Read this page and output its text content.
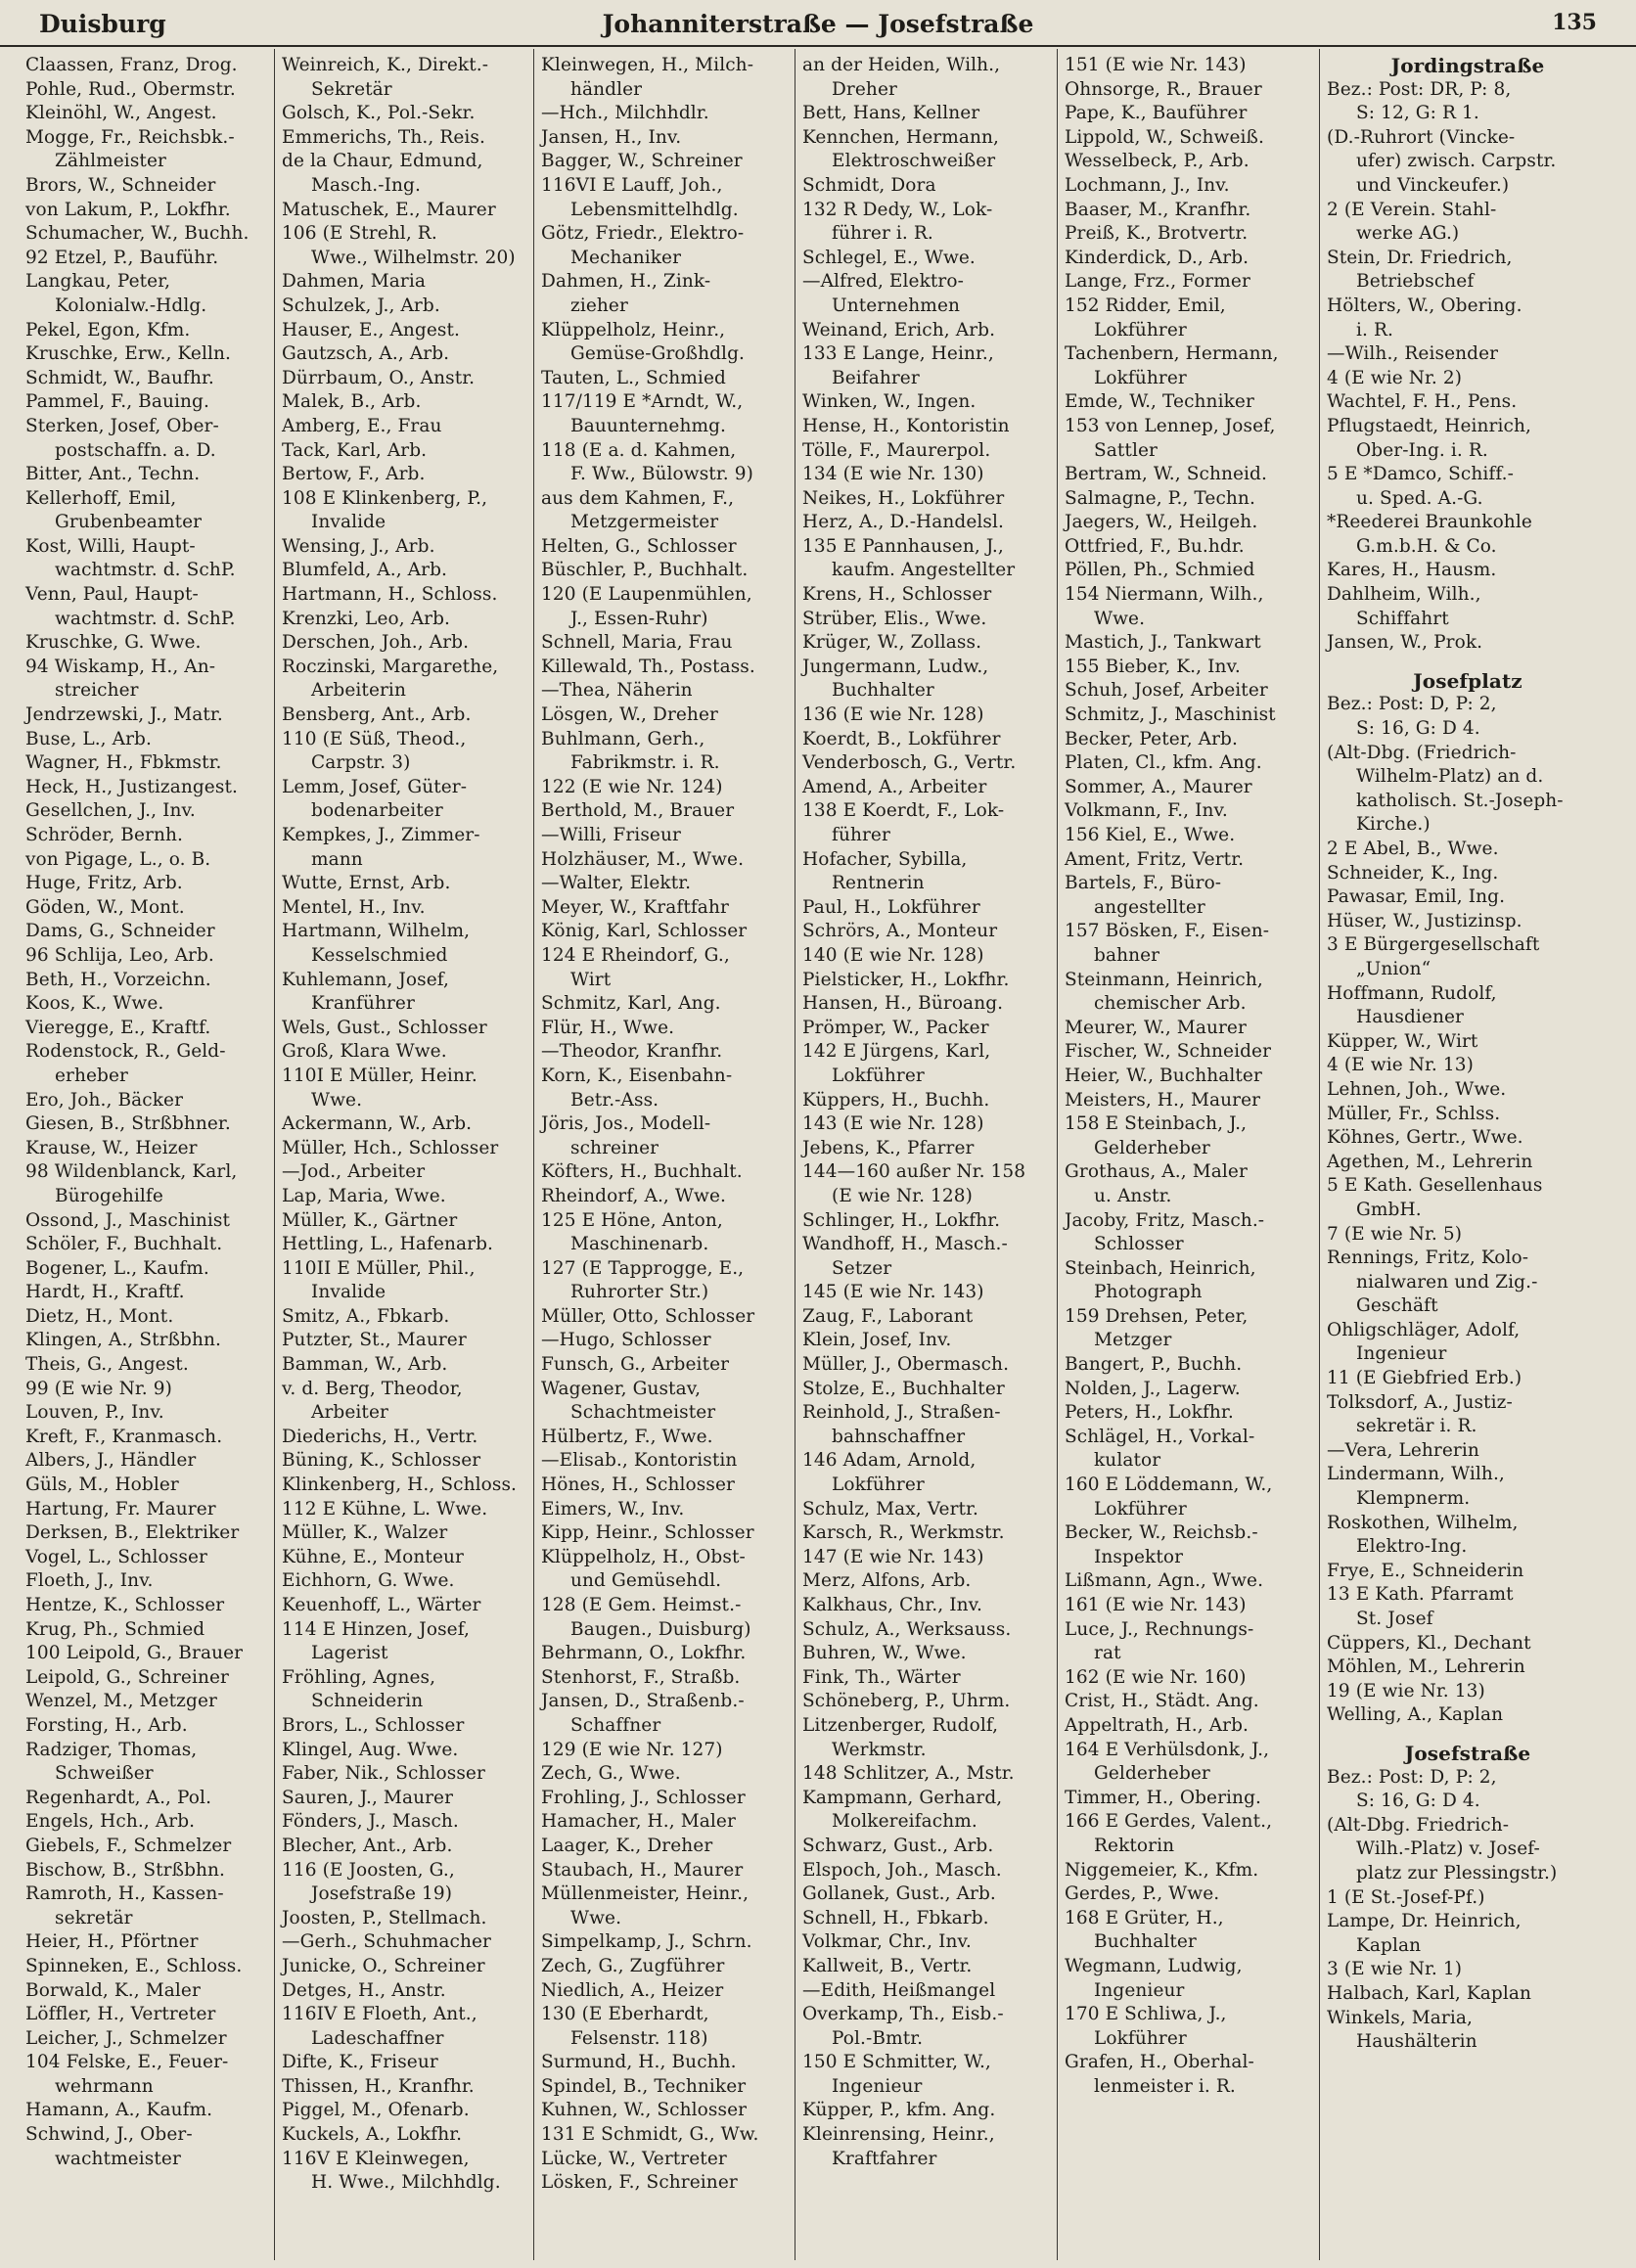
Johanniterstraße — Josefstraße
Duisburg	135
Claassen, Franz, Drog.
Pohle, Rud., Obermstr.
Kleinöhl, W., Angest.
Mogge, Fr., Reichsbk.-
Zählmeister
Brors, W., Schneider
von Lakum, P., Lokfhr.
Schumacher, W., Buchh.
92 Etzel, P., Bauführ.
Langkau, Peter,
Kolonialw.-Hdlg.
Pekel, Egon, Kfm.
Kruschke, Erw., Kelln.
Schmidt, W., Baufhr.
Pammel, F., Bauing.
Sterken, Josef, Ober-
postschaffn. a. D.
Bitter, Ant., Techn.
Kellerhoff, Emil,
Grubenbeamter
Kost, Willi, Haupt-
wachtmstr. d. SchP.
Venn, Paul, Haupt-
wachtmstr. d. SchP.
Kruschke, G. Wwe.
94 Wiskamp, H., An-
streicher
Jendrzewski, J., Matr.
Buse, L., Arb.
Wagner, H., Fbkmstr.
Heck, H., Justizangest.
Gesellchen, J., Inv.
Schröder, Bernh.
von Pigage, L., o. B.
Huge, Fritz, Arb.
Göden, W., Mont.
Dams, G., Schneider
96 Schlija, Leo, Arb.
Beth, H., Vorzeichn.
Koos, K., Wwe.
Vieregge, E., Kraftf.
Rodenstock, R., Geld-
erheber
Ero, Joh., Bäcker
Giesen, B., Strßbhner.
Krause, W., Heizer
98 Wildenblanck, Karl,
Bürogehilfe
Ossond, J., Maschinist
Schöler, F., Buchhalt.
Bogener, L., Kaufm.
Hardt, H., Kraftf.
Dietz, H., Mont.
Klingen, A., Strßbhn.
Theis, G., Angest.
99 (E wie Nr. 9)
Louven, P., Inv.
Kreft, F., Kranmasch.
Albers, J., Händler
Güls, M., Hobler
Hartung, Fr. Maurer
Derksen, B., Elektriker
Vogel, L., Schlosser
Floeth, J., Inv.
Hentze, K., Schlosser
Krug, Ph., Schmied
100 Leipold, G., Brauer
Leipold, G., Schreiner
Wenzel, M., Metzger
Forsting, H., Arb.
Radziger, Thomas,
Schweißer
Regenhardt, A., Pol.
Engels, Hch., Arb.
Giebels, F., Schmelzer
Bischow, B., Strßbhn.
Ramroth, H., Kassen-
sekretär
Heier, H., Pförtner
Spinneken, E., Schloss.
Borwald, K., Maler
Löffler, H., Vertreter
Leicher, J., Schmelzer
104 Felske, E., Feuer-
wehrmann
Hamann, A., Kaufm.
Schwind, J., Ober-
wachtmeister
Weinreich, K., Direkt.-
Sekretär
Golsch, K., Pol.-Sekr.
Emmerichs, Th., Reis.
de la Chaur, Edmund,
Masch.-Ing.
Matuschek, E., Maurer
106 (E Strehl, R.
Wwe., Wilhelmstr. 20)
Dahmen, Maria
Schulzek, J., Arb.
Hauser, E., Angest.
Gautzsch, A., Arb.
Dürrbaum, O., Anstr.
Malek, B., Arb.
Amberg, E., Frau
Tack, Karl, Arb.
Bertow, F., Arb.
108 E Klinkenberg, P.,
Invalide
Wensing, J., Arb.
Blumfeld, A., Arb.
Hartmann, H., Schloss.
Krenzki, Leo, Arb.
Derschen, Joh., Arb.
Roczinski, Margarethe,
Arbeiterin
Bensberg, Ant., Arb.
110 (E Süß, Theod.,
Carpstr. 3)
Lemm, Josef, Güter-
bodenarbeiter
Kempkes, J., Zimmer-
mann
Wutte, Ernst, Arb.
Mentel, H., Inv.
Hartmann, Wilhelm,
Kesselschmied
Kuhlemann, Josef,
Kranführer
Wels, Gust., Schlosser
Groß, Klara Wwe.
110I E Müller, Heinr.
Wwe.
Ackermann, W., Arb.
Müller, Hch., Schlosser
—Jod., Arbeiter
Lap, Maria, Wwe.
Müller, K., Gärtner
Hettling, L., Hafenarb.
110II E Müller, Phil.,
Invalide
Smitz, A., Fbkarb.
Putzter, St., Maurer
Bamman, W., Arb.
v. d. Berg, Theodor,
Arbeiter
Diederichs, H., Vertr.
Büning, K., Schlosser
Klinkenberg, H., Schloss.
112 E Kühne, L. Wwe.
Müller, K., Walzer
Kühne, E., Monteur
Eichhorn, G. Wwe.
Keuenhoff, L., Wärter
114 E Hinzen, Josef,
Lagerist
Fröhling, Agnes,
Schneiderin
Brors, L., Schlosser
Klingel, Aug. Wwe.
Faber, Nik., Schlosser
Sauren, J., Maurer
Fönders, J., Masch.
Blecher, Ant., Arb.
116 (E Joosten, G.,
Josefstraße 19)
Joosten, P., Stellmach.
—Gerh., Schuhmacher
Junicke, O., Schreiner
Detges, H., Anstr.
116IV E Floeth, Ant.,
Ladeschaffner
Difte, K., Friseur
Thissen, H., Kranfhr.
Piggel, M., Ofenarb.
Kuckels, A., Lokfhr.
116V E Kleinwegen,
H. Wwe., Milchhdlg.
Kleinwegen, H., Milch-
händler
—Hch., Milchhdlr.
Jansen, H., Inv.
Bagger, W., Schreiner
116VI E Lauff, Joh.,
Lebensmittelhdlg.
Götz, Friedr., Elektro-
Mechaniker
Dahmen, H., Zink-
zieher
Klüppelholz, Heinr.,
Gemüse-Großhdlg.
Tauten, L., Schmied
117/119 E *Arndt, W.,
Bauunternehmg.
118 (E a. d. Kahmen,
F. Ww., Bülowstr. 9)
aus dem Kahmen, F.,
Metzgermeister
Helten, G., Schlosser
Büschler, P., Buchhalt.
120 (E Laupenmühlen,
J., Essen-Ruhr)
Schnell, Maria, Frau
Killewald, Th., Postass.
—Thea, Näherin
Lösgen, W., Dreher
Buhlmann, Gerh.,
Fabrikmstr. i. R.
122 (E wie Nr. 124)
Berthold, M., Brauer
—Willi, Friseur
Holzhäuser, M., Wwe.
—Walter, Elektr.
Meyer, W., Kraftfahr
König, Karl, Schlosser
124 E Rheindorf, G.,
Wirt
Schmitz, Karl, Ang.
Flür, H., Wwe.
—Theodor, Kranfhr.
Korn, K., Eisenbahn-
Betr.-Ass.
Jöris, Jos., Modell-
schreiner
Köfters, H., Buchhalt.
Rheindorf, A., Wwe.
125 E Höne, Anton,
Maschinenarb.
127 (E Tapprogge, E.,
Ruhrorter Str.)
Müller, Otto, Schlosser
—Hugo, Schlosser
Funsch, G., Arbeiter
Wagener, Gustav,
Schachtmeister
Hülbertz, F., Wwe.
—Elisab., Kontoristin
Hönes, H., Schlosser
Eimers, W., Inv.
Kipp, Heinr., Schlosser
Klüppelholz, H., Obst-
und Gemüsehdl.
128 (E Gem. Heimst.-
Baugen., Duisburg)
Behrmann, O., Lokfhr.
Stenhorst, F., Straßb.
Jansen, D., Straßenb.-
Schaffner
129 (E wie Nr. 127)
Zech, G., Wwe.
Frohling, J., Schlosser
Hamacher, H., Maler
Laager, K., Dreher
Staubach, H., Maurer
Müllenmeister, Heinr.,
Wwe.
Simpelkamp, J., Schrn.
Zech, G., Zugführer
Niedlich, A., Heizer
130 (E Eberhardt,
Felsenstr. 118)
Surmund, H., Buchh.
Spindel, B., Techniker
Kuhnen, W., Schlosser
131 E Schmidt, G., Ww.
Lücke, W., Vertreter
Lösken, F., Schreiner
an der Heiden, Wilh.,
Dreher
Bett, Hans, Kellner
Kennchen, Hermann,
Elektroschweißer
Schmidt, Dora
132 R Dedy, W., Lok-
führer i. R.
Schlegel, E., Wwe.
—Alfred, Elektro-
Unternehmen
Weinand, Erich, Arb.
133 E Lange, Heinr.,
Beifahrer
Winken, W., Ingen.
Hense, H., Kontoristin
Tölle, F., Maurerpol.
134 (E wie Nr. 130)
Neikes, H., Lokführer
Herz, A., D.-Handelsl.
135 E Pannhausen, J.,
kaufm. Angestellter
Krens, H., Schlosser
Strüber, Elis., Wwe.
Krüger, W., Zollass.
Jungermann, Ludw.,
Buchhalter
136 (E wie Nr. 128)
Koerdt, B., Lokführer
Venderbosch, G., Vertr.
Amend, A., Arbeiter
138 E Koerdt, F., Lok-
führer
Hofacher, Sybilla,
Rentnerin
Paul, H., Lokführer
Schrörs, A., Monteur
140 (E wie Nr. 128)
Pielsticker, H., Lokfhr.
Hansen, H., Büroang.
Prömper, W., Packer
142 E Jürgens, Karl,
Lokführer
Küppers, H., Buchh.
143 (E wie Nr. 128)
Jebens, K., Pfarrer
144—160 außer Nr. 158
(E wie Nr. 128)
Schlinger, H., Lokfhr.
Wandhoff, H., Masch.-
Setzer
145 (E wie Nr. 143)
Zaug, F., Laborant
Klein, Josef, Inv.
Müller, J., Obermasch.
Stolze, E., Buchhalter
Reinhold, J., Straßen-
bahnschaffner
146 Adam, Arnold,
Lokführer
Schulz, Max, Vertr.
Karsch, R., Werkmstr.
147 (E wie Nr. 143)
Merz, Alfons, Arb.
Kalkhaus, Chr., Inv.
Schulz, A., Werksauss.
Buhren, W., Wwe.
Fink, Th., Wärter
Schöneberg, P., Uhrm.
Litzenberger, Rudolf,
Werkmstr.
148 Schlitzer, A., Mstr.
Kampmann, Gerhard,
Molkereifachm.
Schwarz, Gust., Arb.
Elspoch, Joh., Masch.
Gollanek, Gust., Arb.
Schnell, H., Fbkarb.
Volkmar, Chr., Inv.
Kallweit, B., Vertr.
—Edith, Heißmangel
Overkamp, Th., Eisb.-
Pol.-Bmtr.
150 E Schmitter, W.,
Ingenieur
Küpper, P., kfm. Ang.
Kleinrensing, Heinr.,
Kraftfahrer
151 (E wie Nr. 143)
Ohnsorge, R., Brauer
Pape, K., Bauführer
Lippold, W., Schweiß.
Wesselbeck, P., Arb.
Lochmann, J., Inv.
Baaser, M., Kranfhr.
Preiß, K., Brotvertr.
Kinderdick, D., Arb.
Lange, Frz., Former
152 Ridder, Emil,
Lokführer
Tachenbern, Hermann,
Lokführer
Emde, W., Techniker
153 von Lennep, Josef,
Sattler
Bertram, W., Schneid.
Salmagne, P., Techn.
Jaegers, W., Heilgeh.
Ottfried, F., Bu.hdr.
Pöllen, Ph., Schmied
154 Niermann, Wilh.,
Wwe.
Mastich, J., Tankwart
155 Bieber, K., Inv.
Schuh, Josef, Arbeiter
Schmitz, J., Maschinist
Becker, Peter, Arb.
Platen, Cl., kfm. Ang.
Sommer, A., Maurer
Volkmann, F., Inv.
156 Kiel, E., Wwe.
Ament, Fritz, Vertr.
Bartels, F., Büro-
angestellter
157 Bösken, F., Eisen-
bahner
Steinmann, Heinrich,
chemischer Arb.
Meurer, W., Maurer
Fischer, W., Schneider
Heier, W., Buchhalter
Meisters, H., Maurer
158 E Steinbach, J.,
Gelderheber
Grothaus, A., Maler
u. Anstr.
Jacoby, Fritz, Masch.-
Schlosser
Steinbach, Heinrich,
Photograph
159 Drehsen, Peter,
Metzger
Bangert, P., Buchh.
Nolden, J., Lagerw.
Peters, H., Lokfhr.
Schlägel, H., Vorkal-
kulator
160 E Löddemann, W.,
Lokführer
Becker, W., Reichsb.-
Inspektor
Lißmann, Agn., Wwe.
161 (E wie Nr. 143)
Luce, J., Rechnungs-
rat
162 (E wie Nr. 160)
Crist, H., Städt. Ang.
Appeltrath, H., Arb.
164 E Verhülsdonk, J.,
Gelderheber
Timmer, H., Obering.
166 E Gerdes, Valent.,
Rektorin
Niggemeier, K., Kfm.
Gerdes, P., Wwe.
168 E Grüter, H.,
Buchhalter
Wegmann, Ludwig,
Ingenieur
170 E Schliwa, J.,
Lokführer
Grafen, H., Oberhal-
lenmeister i. R.
Jordingstraße
Bez.: Post: DR, P: 8,
S: 12, G: R 1.
(D.-Ruhrort (Vincke-
ufer) zwisch. Carpstr.
und Vinckeufer.)
2 (E Verein. Stahl-
werke AG.)
Stein, Dr. Friedrich,
Betriebschef
Hölters, W., Obering.
i. R.
—Wilh., Reisender
4 (E wie Nr. 2)
Wachtel, F. H., Pens.
Pflugstaedt, Heinrich,
Ober-Ing. i. R.
5 E *Damco, Schiff.-
u. Sped. A.-G.
*Reederei Braunkohle
G.m.b.H. & Co.
Kares, H., Hausm.
Dahlheim, Wilh.,
Schiffahrt
Jansen, W., Prok.
Josefplatz
Bez.: Post: D, P: 2,
S: 16, G: D 4.
(Alt-Dbg. (Friedrich-
Wilhelm-Platz) an d.
katholisch. St.-Joseph-
Kirche.)
2 E Abel, B., Wwe.
Schneider, K., Ing.
Pawasar, Emil, Ing.
Hüser, W., Justizinsp.
3 E Bürgergesellschaft
„Union“
Hoffmann, Rudolf,
Hausdiener
Küpper, W., Wirt
4 (E wie Nr. 13)
Lehnen, Joh., Wwe.
Müller, Fr., Schlss.
Köhnes, Gertr., Wwe.
Agethen, M., Lehrerin
5 E Kath. Gesellenhaus
GmbH.
7 (E wie Nr. 5)
Rennings, Fritz, Kolo-
nialwaren und Zig.-
Geschäft
Ohligschläger, Adolf,
Ingenieur
11 (E Giebfried Erb.)
Tolksdorf, A., Justiz-
sekretär i. R.
—Vera, Lehrerin
Lindermann, Wilh.,
Klempnerm.
Roskothen, Wilhelm,
Elektro-Ing.
Frye, E., Schneiderin
13 E Kath. Pfarramt
St. Josef
Cüppers, Kl., Dechant
Möhlen, M., Lehrerin
19 (E wie Nr. 13)
Welling, A., Kaplan
Josefstraße
Bez.: Post: D, P: 2,
S: 16, G: D 4.
(Alt-Dbg. Friedrich-
Wilh.-Platz) v. Josef-
platz zur Plessingstr.)
1 (E St.-Josef-Pf.)
Lampe, Dr. Heinrich,
Kaplan
3 (E wie Nr. 1)
Halbach, Karl, Kaplan
Winkels, Maria,
Haushälterin
